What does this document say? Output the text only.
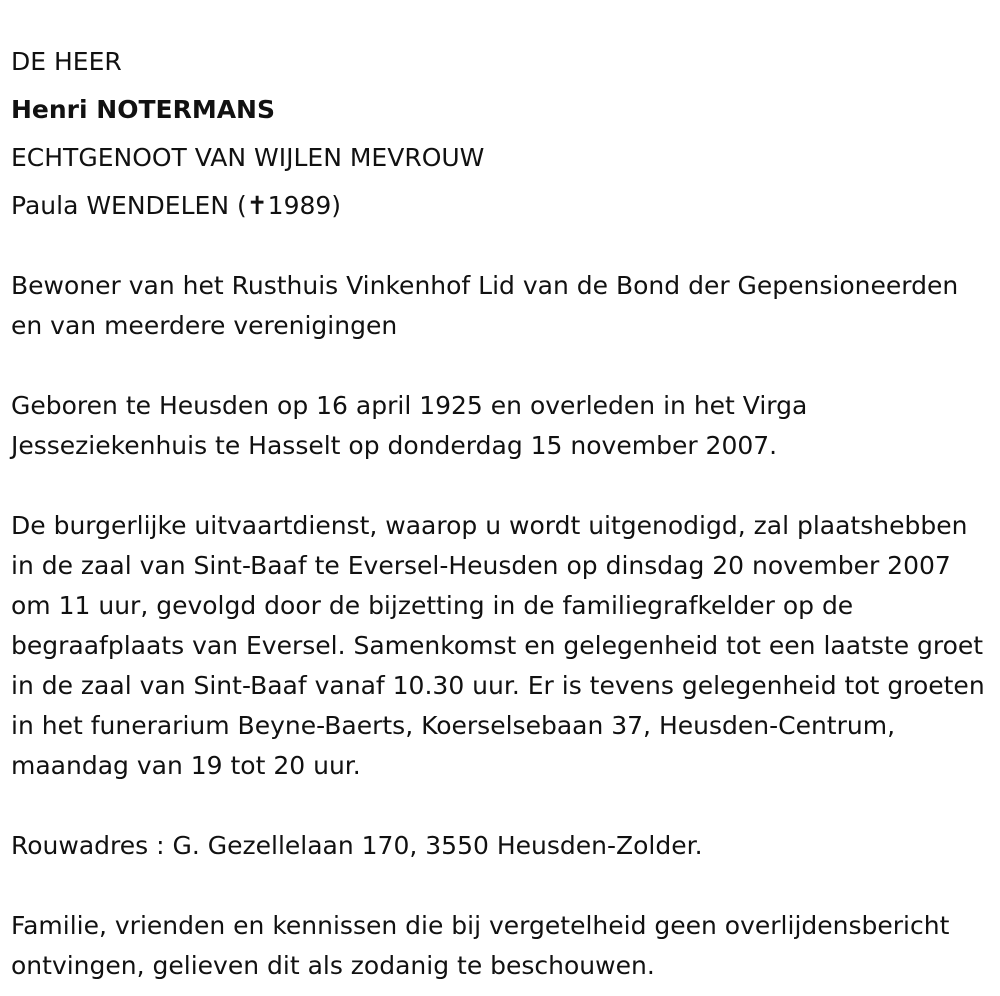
DE HEER
Henri NOTERMANS
ECHTGENOOT VAN WIJLEN MEVROUW
Paula WENDELEN (✝1989)

Bewoner van het Rusthuis Vinkenhof Lid van de Bond der Gepensioneerden en van meerdere verenigingen

Geboren te Heusden op 16 april 1925 en overleden in het Virga Jesseziekenhuis te Hasselt op donderdag 15 november 2007.

De burgerlijke uitvaartdienst, waarop u wordt uitgenodigd, zal plaatshebben in de zaal van Sint-Baaf te Eversel-Heusden op dinsdag 20 november 2007 om 11 uur, gevolgd door de bijzetting in de familiegrafkelder op de begraafplaats van Eversel. Samenkomst en gelegenheid tot een laatste groet in de zaal van Sint-Baaf vanaf 10.30 uur. Er is tevens gelegenheid tot groeten in het funerarium Beyne-Baerts, Koerselsebaan 37, Heusden-Centrum, maandag van 19 tot 20 uur.

Rouwadres : G. Gezellelaan 170, 3550 Heusden-Zolder.

Familie, vrienden en kennissen die bij vergetelheid geen overlijdensbericht ontvingen, gelieven dit als zodanig te beschouwen.
